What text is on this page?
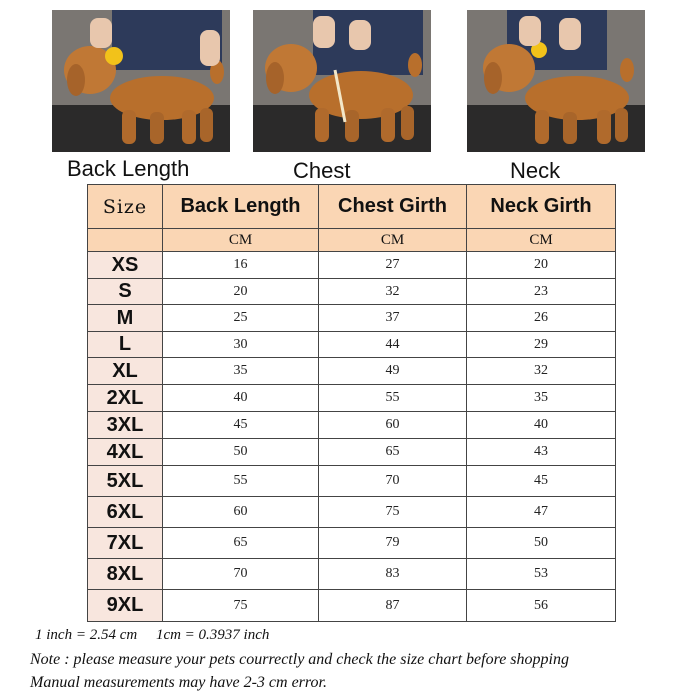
Back Length	Chest	Neck
Size	Back Length	Chest Girth	Neck Girth
	CM	CM	CM
XS	16	27	20
S	20	32	23
M	25	37	26
L	30	44	29
XL	35	49	32
2XL	40	55	35
3XL	45	60	40
4XL	50	65	43
5XL	55	70	45
6XL	60	75	47
7XL	65	79	50
8XL	70	83	53
9XL	75	87	56
1 inch = 2.54 cm     1cm = 0.3937 inch
Note : please measure your pets courrectly and check the size chart before shopping
Manual measurements may have 2-3 cm error.
